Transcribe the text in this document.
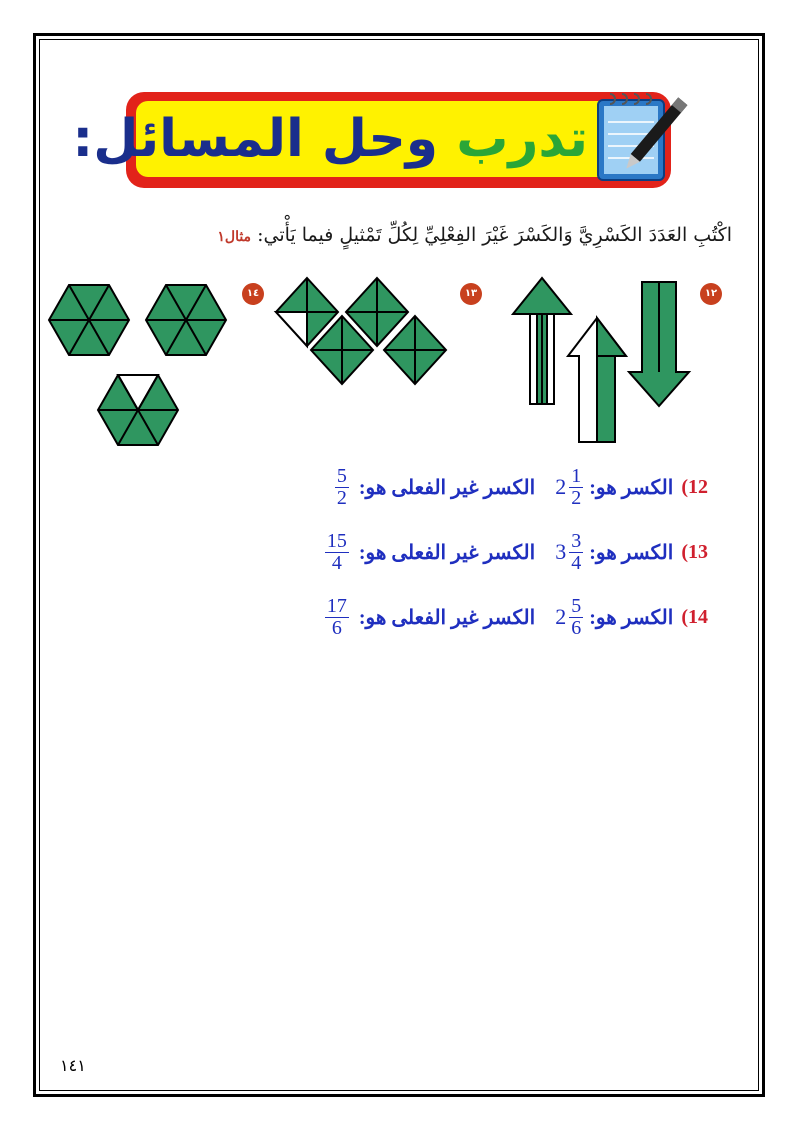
تدرب وحل المسائل:
اكْتُبِ العَدَدَ الكَسْرِيَّ وَالكَسْرَ غَيْرَ الفِعْلِيِّ لِكُلِّ تَمْثيلٍ فيما يَأْتي: مثال١
١٤	١٣	١٢
12)
الكسر هو:
$2 \frac{1}{2}$
الكسر غير الفعلى هو:
$\frac{5}{2}$
13)
الكسر هو:
$3 \frac{3}{4}$
الكسر غير الفعلى هو:
$\frac{15}{4}$
14)
الكسر هو:
$2 \frac{5}{6}$
الكسر غير الفعلى هو:
$\frac{17}{6}$
١٤١
